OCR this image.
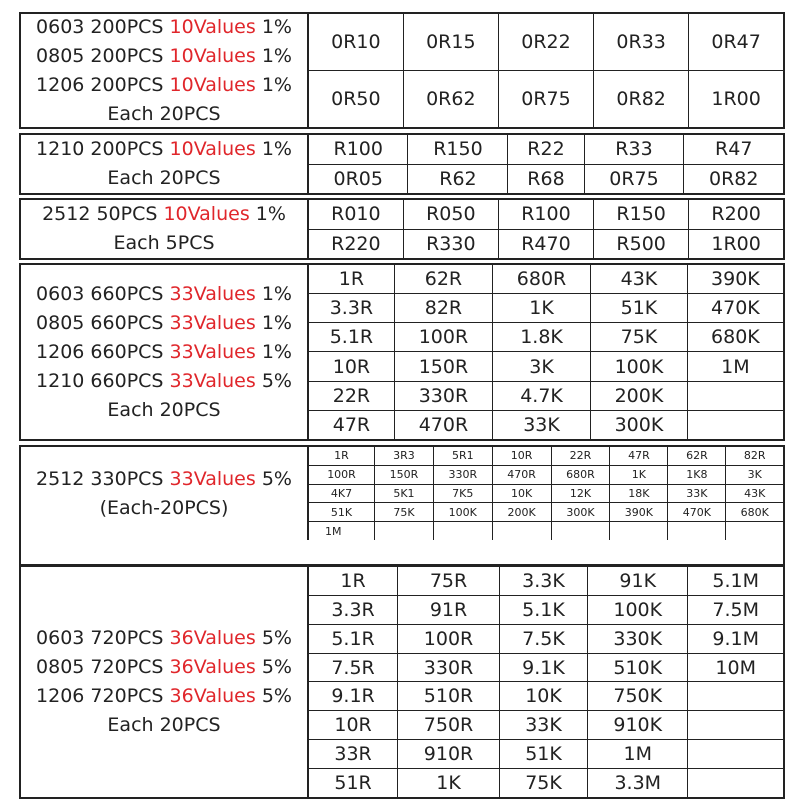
0603 200PCS 10Values 1%
0805 200PCS 10Values 1%
1206 200PCS 10Values 1%
Each 20PCS
0R10	0R15	0R22	0R33	0R47
0R50	0R62	0R75	0R82	1R00
1210 200PCS 10Values 1%
Each 20PCS
R100	R150	R22	R33	R47
0R05	R62	R68	0R75	0R82
2512 50PCS 10Values 1%
Each 5PCS
R010	R050	R100	R150	R200
R220	R330	R470	R500	1R00
0603 660PCS 33Values 1%
0805 660PCS 33Values 1%
1206 660PCS 33Values 1%
1210 660PCS 33Values 5%
Each 20PCS
1R	62R	680R	43K	390K
3.3R	82R	1K	51K	470K
5.1R	100R	1.8K	75K	680K
10R	150R	3K	100K	1M
22R	330R	4.7K	200K	
47R	470R	33K	300K	
2512 330PCS 33Values 5%
(Each-20PCS)
1R	3R3	5R1	10R	22R	47R	62R	82R
100R	150R	330R	470R	680R	1K	1K8	3K
4K7	5K1	7K5	10K	12K	18K	33K	43K
51K	75K	100K	200K	300K	390K	470K	680K
1M							
0603 720PCS 36Values 5%
0805 720PCS 36Values 5%
1206 720PCS 36Values 5%
Each 20PCS
1R	75R	3.3K	91K	5.1M
3.3R	91R	5.1K	100K	7.5M
5.1R	100R	7.5K	330K	9.1M
7.5R	330R	9.1K	510K	10M
9.1R	510R	10K	750K	
10R	750R	33K	910K	
33R	910R	51K	1M	
51R	1K	75K	3.3M	
